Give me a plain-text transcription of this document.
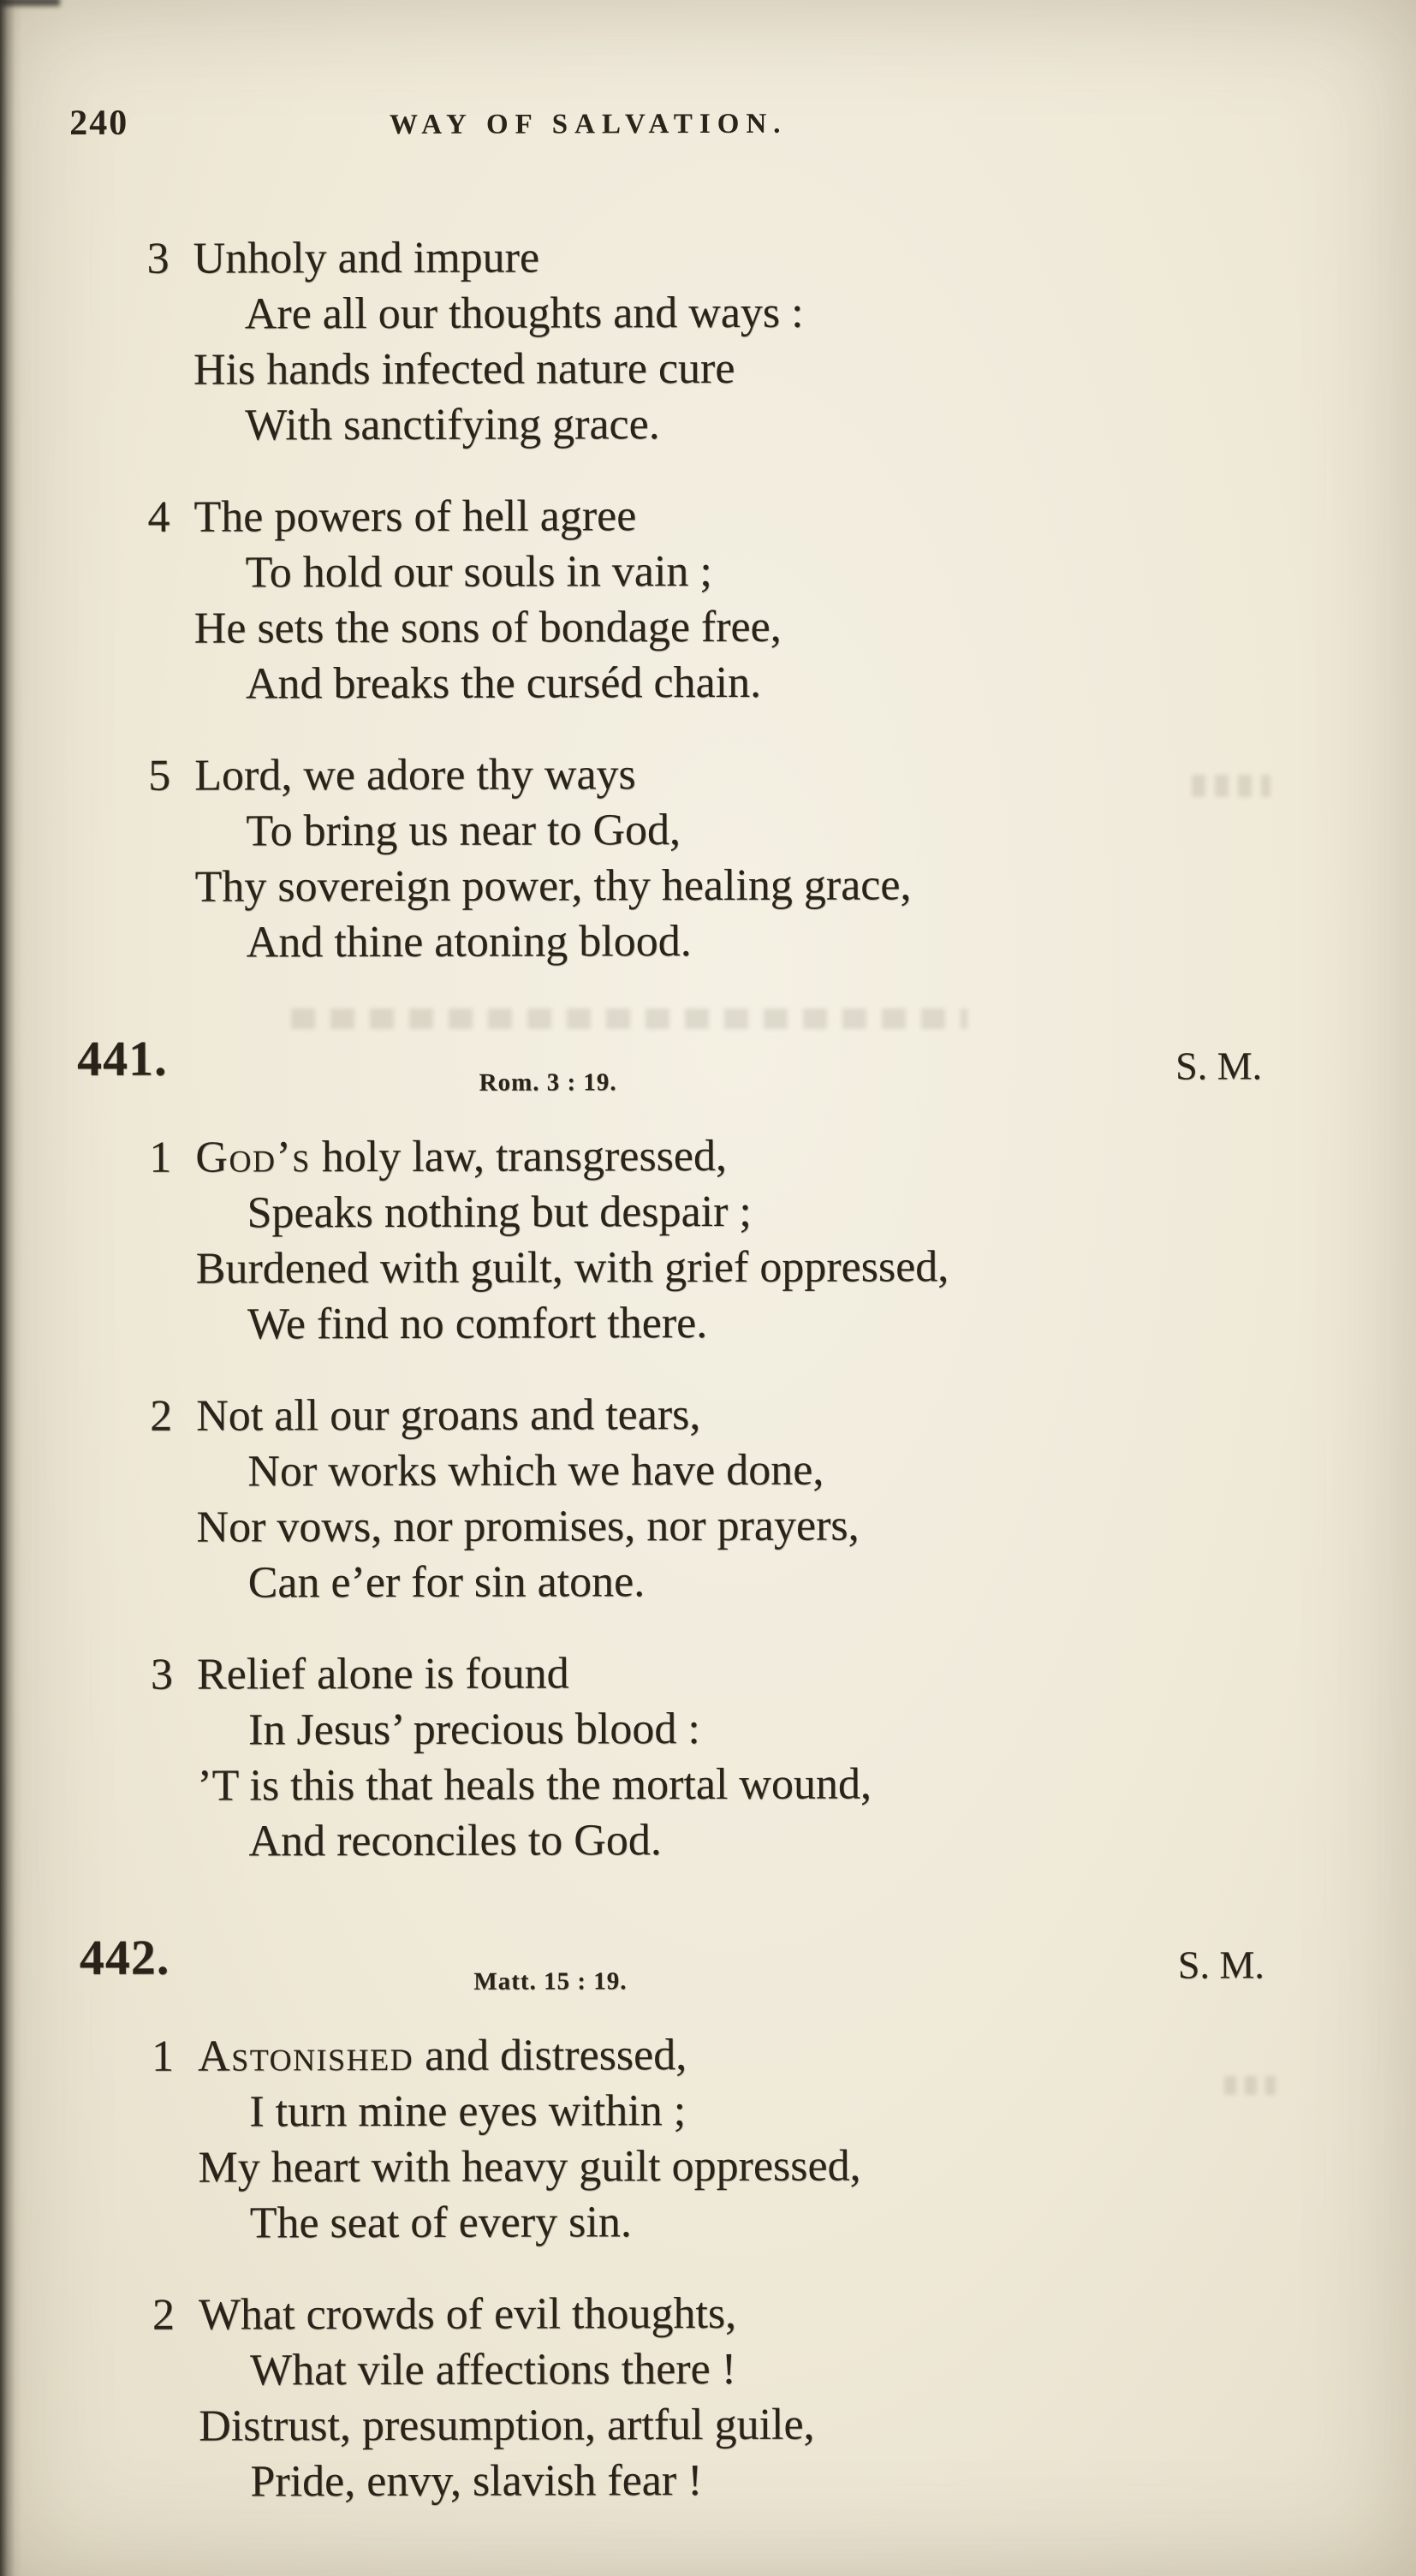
240	WAY OF SALVATION.
3 Unholy and impure

Are all our thoughts and ways :

His hands infected nature cure

With sanctifying grace.

4 The powers of hell agree

To hold our souls in vain ;

He sets the sons of bondage free,

And breaks the curséd chain.

5 Lord, we adore thy ways

To bring us near to God,

Thy sovereign power, thy healing grace,

And thine atoning blood.

441.	Rom. 3 : 19.	S. M.
1 God’s holy law, transgressed,

Speaks nothing but despair ;

Burdened with guilt, with grief oppressed,

We find no comfort there.

2 Not all our groans and tears,

Nor works which we have done,

Nor vows, nor promises, nor prayers,

Can e’er for sin atone.

3 Relief alone is found

In Jesus’ precious blood :

’T is this that heals the mortal wound,

And reconciles to God.

442.	Matt. 15 : 19.	S. M.
1 Astonished and distressed,

I turn mine eyes within ;

My heart with heavy guilt oppressed,

The seat of every sin.

2 What crowds of evil thoughts,

What vile affections there !

Distrust, presumption, artful guile,

Pride, envy, slavish fear !
